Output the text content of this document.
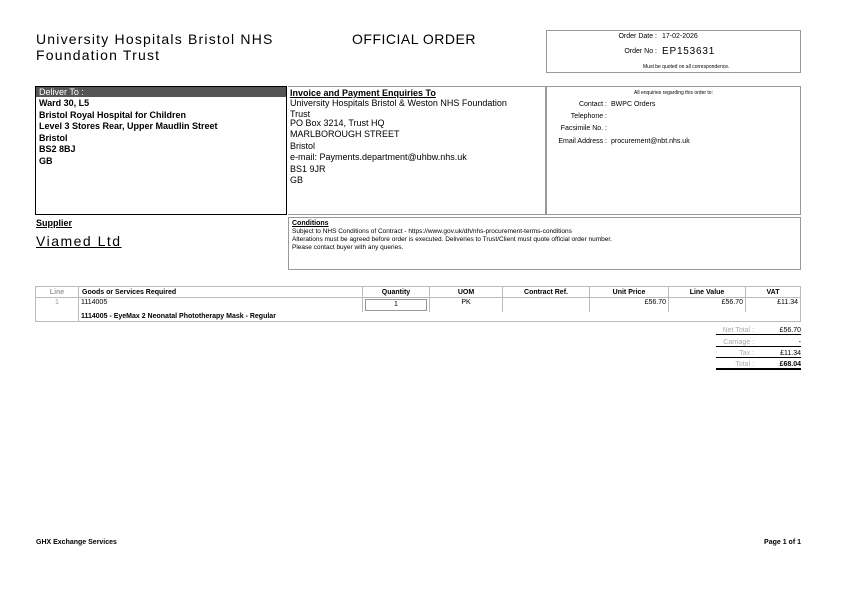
University Hospitals Bristol NHS
Foundation Trust
OFFICIAL ORDER	Order Date : 17-02-2026
Order No : EP153631
Must be quoted on all correspondence.
Deliver To :
Ward 30, L5
Bristol Royal Hospital for Children
Level 3 Stores Rear, Upper Maudlin Street
Bristol
BS2 8BJ
GB
Invoice and Payment Enquiries To
University Hospitals Bristol & Weston NHS Foundation
Trust
PO Box 3214, Trust HQ
MARLBOROUGH STREET
Bristol
e-mail: Payments.department@uhbw.nhs.uk
BS1 9JR
GB
All enquiries regarding this order to:
Contact : BWPC Orders
Telephone :
Facsimile No. :
Email Address : procurement@nbt.nhs.uk
Supplier
Viamed Ltd
Conditions
Subject to NHS Conditions of Contract - https://www.gov.uk/dh/nhs-procurement-terms-conditions
Alterations must be agreed before order is executed. Deliveries to Trust/Client must quote official order number.
Please contact buyer with any queries.
Line	Goods or Services Required	Quantity	UOM	Contract Ref.	Unit Price	Line Value	VAT
1	1114005	1	PK		£56.70	£56.70	£11.34
	1114005 - EyeMax 2 Neonatal Phototherapy Mask - Regular						
Net Total :	£56.70
Carriage :	-
Tax :	£11.34
Total :	£68.04
GHX Exchange Services	Page 1 of 1
